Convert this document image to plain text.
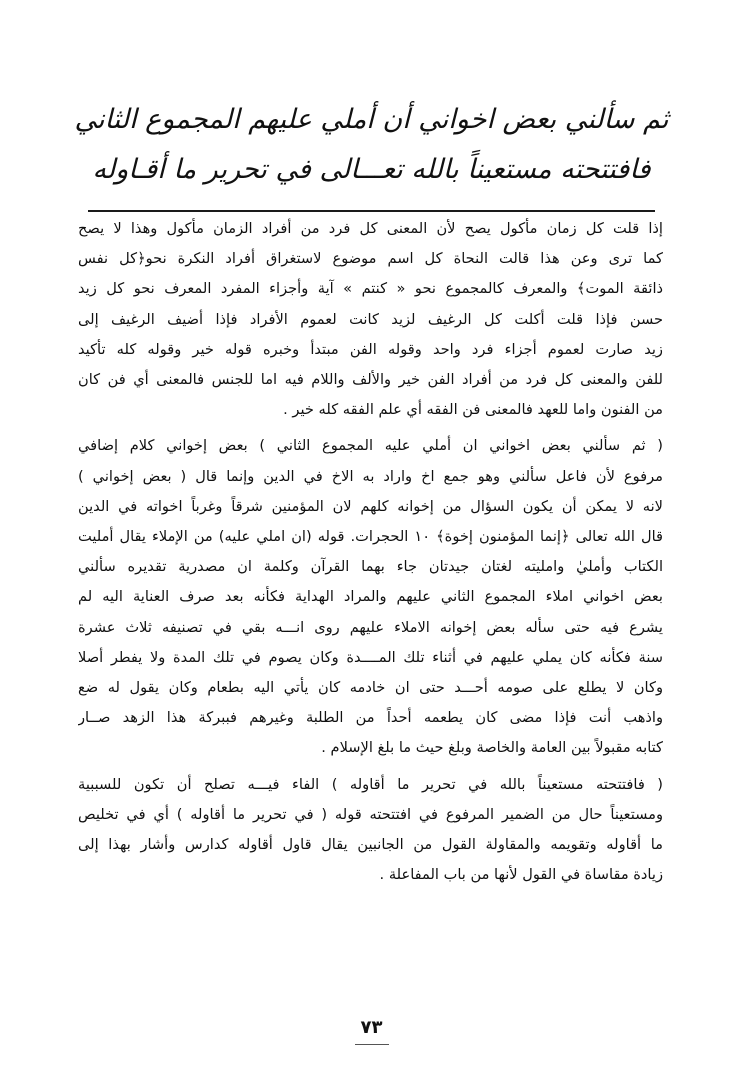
ثم سألني بعض اخواني أن أملي عليهم المجموع الثاني
فافتتحته مستعيناً بالله تعـــالى في تحرير ما أقـاوله
إذا قلت كل زمان مأكول يصح لأن المعنى كل فرد من أفراد الزمان مأكول وهذا لا يصح
كما ترى وعن هذا قالت النحاة كل اسم موضوع لاستغراق أفراد النكرة نحو﴿كل نفس
ذائقة الموت﴾ والمعرف كالمجموع نحو « كنتم » آية وأجزاء المفرد المعرف نحو كل زيد
حسن فإذا قلت أكلت كل الرغيف لزيد كانت لعموم الأفراد فإذا أضيف الرغيف إلى
زيد صارت لعموم أجزاء فرد واحد وقوله الفن مبتدأ وخبره قوله خير وقوله كله تأكيد
للفن والمعنى كل فرد من أفراد الفن خير والألف واللام فيه اما للجنس فالمعنى أي فن كان
من الفنون واما للعهد فالمعنى فن الفقه أي علم الفقه كله خير .
( ثم سألني بعض اخواني ان أملي عليه المجموع الثاني ) بعض إخواني كلام إضافي
مرفوع لأن فاعل سألني وهو جمع اخ واراد به الاخ في الدين وإنما قال ( بعض إخواني )
لانه لا يمكن أن يكون السؤال من إخوانه كلهم لان المؤمنين شرقاً وغرباً اخواته في الدين
قال الله تعالى ﴿إنما المؤمنون إخوة﴾ ١٠ الحجرات. قوله (ان املي عليه) من الإملاء يقال أمليت
الكتاب وأمليٰ وامليته لغتان جيدتان جاء بهما القرآن وكلمة ان مصدرية تقديره سألني
بعض اخواني املاء المجموع الثاني عليهم والمراد الهداية فكأنه بعد صرف العناية اليه لم
يشرع فيه حتى سأله بعض إخوانه الاملاء عليهم روى انـــه بقي في تصنيفه ثلاث عشرة
سنة فكأنه كان يملي عليهم في أثناء تلك المــــدة وكان يصوم في تلك المدة ولا يفطر أصلا
وكان لا يطلع على صومه أحـــد حتى ان خادمه كان يأتي اليه بطعام وكان يقول له ضع
واذهب أنت فإذا مضى كان يطعمه أحداً من الطلبة وغيرهم فببركة هذا الزهد صــار
كتابه مقبولاً بين العامة والخاصة وبلغ حيث ما بلغ الإسلام .
( فافتتحته مستعيناً بالله في تحرير ما أقاوله ) الفاء فيـــه تصلح أن تكون للسببية
ومستعيناً حال من الضمير المرفوع في افتتحته قوله ( في تحرير ما أقاوله ) أي في تخليص
ما أقاوله وتقويمه والمقاولة القول من الجانبين يقال قاول أقاوله كدارس وأشار بهذا إلى
زيادة مقاساة في القول لأنها من باب المفاعلة .
٧٣
